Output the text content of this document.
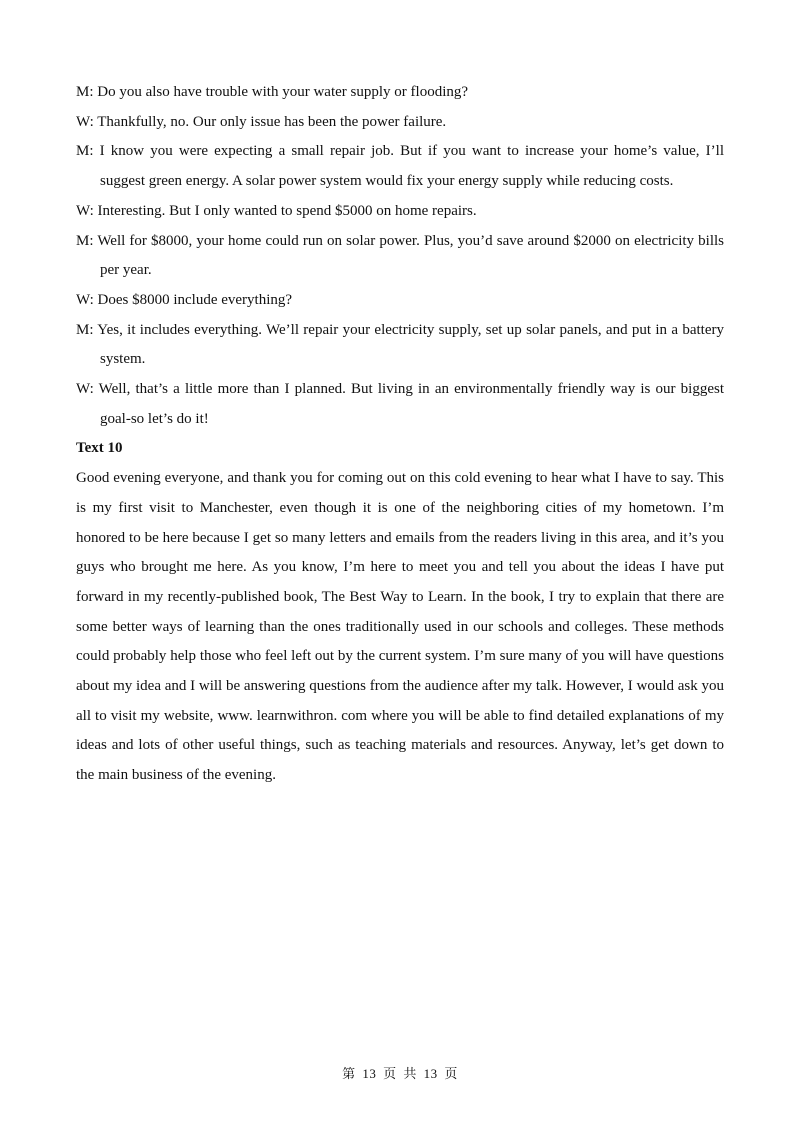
M: Do you also have trouble with your water supply or flooding?

W: Thankfully, no. Our only issue has been the power failure.

M: I know you were expecting a small repair job. But if you want to increase your home’s value, I’ll suggest green energy. A solar power system would fix your energy supply while reducing costs.

W: Interesting. But I only wanted to spend $5000 on home repairs.

M: Well for $8000, your home could run on solar power. Plus, you’d save around $2000 on electricity bills per year.

W: Does $8000 include everything?

M: Yes, it includes everything. We’ll repair your electricity supply, set up solar panels, and put in a battery system.

W: Well, that’s a little more than I planned. But living in an environmentally friendly way is our biggest goal-so let’s do it!

Text 10

Good evening everyone, and thank you for coming out on this cold evening to hear what I have to say. This is my first visit to Manchester, even though it is one of the neighboring cities of my hometown. I’m honored to be here because I get so many letters and emails from the readers living in this area, and it’s you guys who brought me here. As you know, I’m here to meet you and tell you about the ideas I have put forward in my recently-published book, The Best Way to Learn. In the book, I try to explain that there are some better ways of learning than the ones traditionally used in our schools and colleges. These methods could probably help those who feel left out by the current system. I’m sure many of you will have questions about my idea and I will be answering questions from the audience after my talk. However, I would ask you all to visit my website, www. learnwithron. com where you will be able to find detailed explanations of my ideas and lots of other useful things, such as teaching materials and resources. Anyway, let’s get down to the main business of the evening.

第 13 页 共 13 页
